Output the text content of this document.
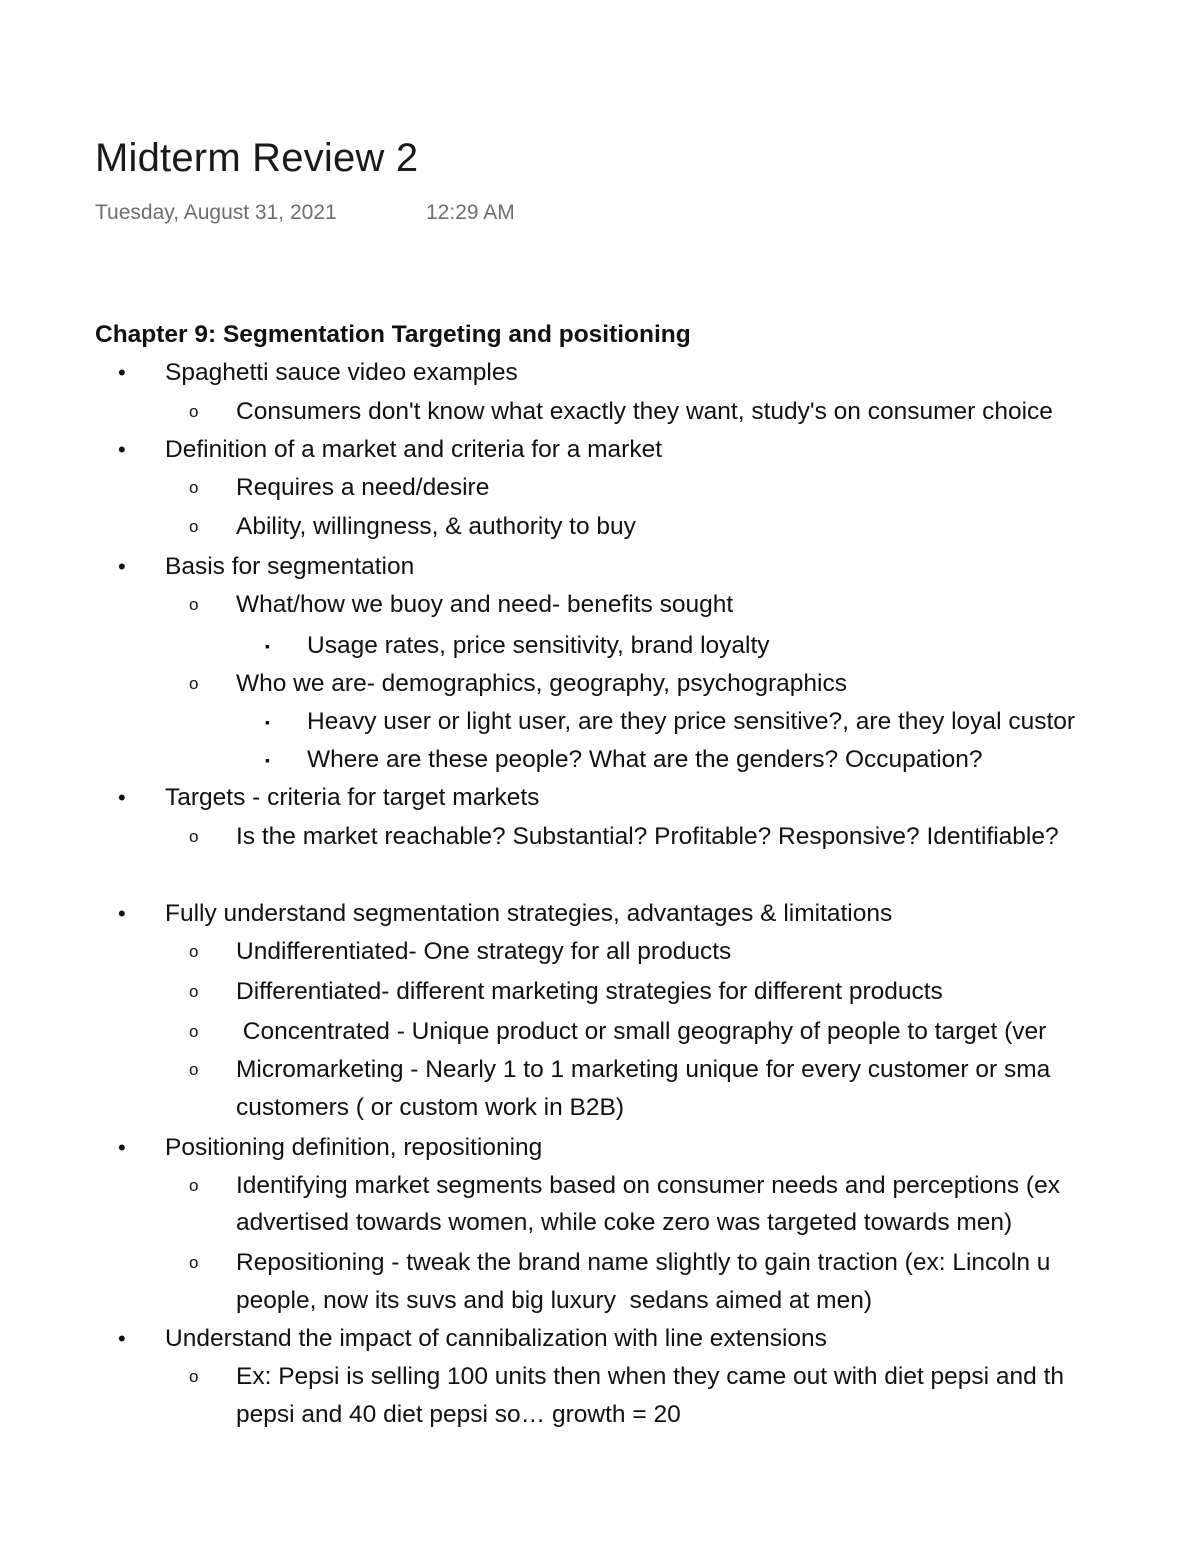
Midterm Review 2
Tuesday, August 31, 2021	12:29 AM
Chapter 9: Segmentation Targeting and positioning
• Spaghetti sauce video examples
o Consumers don't know what exactly they want, study's on consumer choice
• Definition of a market and criteria for a market
o Requires a need/desire
o Ability, willingness, & authority to buy
• Basis for segmentation
o What/how we buoy and need- benefits sought
▪ Usage rates, price sensitivity, brand loyalty
o Who we are- demographics, geography, psychographics
▪ Heavy user or light user, are they price sensitive?, are they loyal custor
▪ Where are these people? What are the genders? Occupation?
• Targets - criteria for target markets
o Is the market reachable? Substantial? Profitable? Responsive? Identifiable?
• Fully understand segmentation strategies, advantages & limitations
o Undifferentiated- One strategy for all products
o Differentiated- different marketing strategies for different products
o Concentrated - Unique product or small geography of people to target (ver
o Micromarketing - Nearly 1 to 1 marketing unique for every customer or sma
customers ( or custom work in B2B)
• Positioning definition, repositioning
o Identifying market segments based on consumer needs and perceptions (ex
advertised towards women, while coke zero was targeted towards men)
o Repositioning - tweak the brand name slightly to gain traction (ex: Lincoln u
people, now its suvs and big luxury  sedans aimed at men)
• Understand the impact of cannibalization with line extensions
o Ex: Pepsi is selling 100 units then when they came out with diet pepsi and th
pepsi and 40 diet pepsi so… growth = 20
